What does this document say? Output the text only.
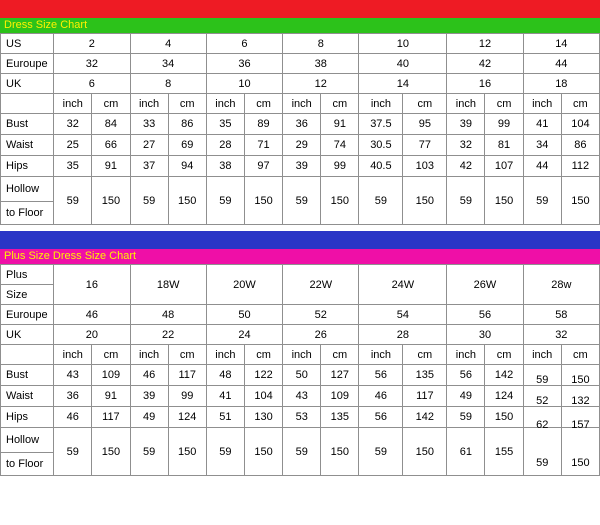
Dress Size Chart
US	2		4		6		8		10		12		14	
Euroupe	32		34		36		38		40		42		44	
UK	6		8		10		12		14		16		18	
	inch	cm	inch	cm	inch	cm	inch	cm	inch	cm	inch	cm	inch	cm
Bust	32	84	33	86	35	89	36	91	37.5	95	39	99	41	104
Waist	25	66	27	69	28	71	29	74	30.5	77	32	81	34	86
Hips	35	91	37	94	38	97	39	99	40.5	103	42	107	44	112
Hollow	59	150	59	150	59	150	59	150	59	150	59	150	59	150
to Floor														
Plus Size Dress Size Chart
Plus	16		18W		20W		22W		24W		26W		28w	
Size														
Euroupe	46		48		50		52		54		56		58	
UK	20		22		24		26		28		30		32	
	inch	cm	inch	cm	inch	cm	inch	cm	inch	cm	inch	cm	inch	cm
Bust	43	109	46	117	48	122	50	127	56	135	56	142	59	150
Waist	36	91	39	99	41	104	43	109	46	117	49	124	52	132
Hips	46	117	49	124	51	130	53	135	56	142	59	150	62	157
Hollow	59	150	59	150	59	150	59	150	59	150	61	155	59	150
to Floor														
